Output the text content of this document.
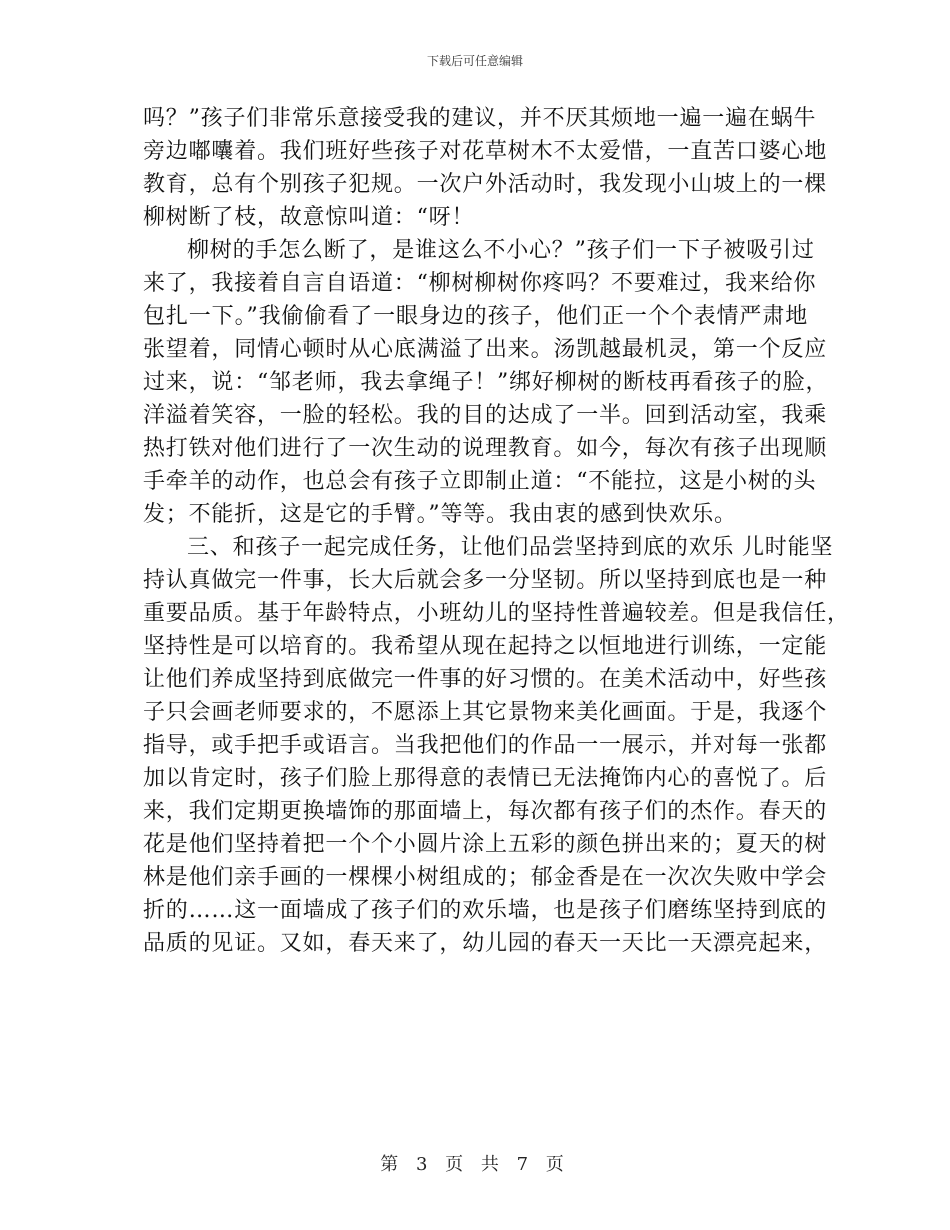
下载后可任意编辑
吗？”孩子们非常乐意接受我的建议，并不厌其烦地一遍一遍在蜗牛
旁边嘟囔着。我们班好些孩子对花草树木不太爱惜，一直苦口婆心地
教育，总有个别孩子犯规。一次户外活动时，我发现小山坡上的一棵
柳树断了枝，故意惊叫道：“呀！
柳树的手怎么断了，是谁这么不小心？”孩子们一下子被吸引过
来了，我接着自言自语道：“柳树柳树你疼吗？不要难过，我来给你
包扎一下。”我偷偷看了一眼身边的孩子，他们正一个个表情严肃地
张望着，同情心顿时从心底满溢了出来。汤凯越最机灵，第一个反应
过来，说：“邹老师，我去拿绳子！”绑好柳树的断枝再看孩子的脸，
洋溢着笑容，一脸的轻松。我的目的达成了一半。回到活动室，我乘
热打铁对他们进行了一次生动的说理教育。如今，每次有孩子出现顺
手牵羊的动作，也总会有孩子立即制止道：“不能拉，这是小树的头
发；不能折，这是它的手臂。”等等。我由衷的感到快欢乐。
三、和孩子一起完成任务，让他们品尝坚持到底的欢乐 儿时能坚
持认真做完一件事，长大后就会多一分坚韧。所以坚持到底也是一种
重要品质。基于年龄特点，小班幼儿的坚持性普遍较差。但是我信任，
坚持性是可以培育的。我希望从现在起持之以恒地进行训练，一定能
让他们养成坚持到底做完一件事的好习惯的。在美术活动中，好些孩
子只会画老师要求的，不愿添上其它景物来美化画面。于是，我逐个
指导，或手把手或语言。当我把他们的作品一一展示，并对每一张都
加以肯定时，孩子们脸上那得意的表情已无法掩饰内心的喜悦了。后
来，我们定期更换墙饰的那面墙上，每次都有孩子们的杰作。春天的
花是他们坚持着把一个个小圆片涂上五彩的颜色拼出来的；夏天的树
林是他们亲手画的一棵棵小树组成的；郁金香是在一次次失败中学会
折的……这一面墙成了孩子们的欢乐墙，也是孩子们磨练坚持到底的
品质的见证。又如，春天来了，幼儿园的春天一天比一天漂亮起来，
第 3 页 共 7 页
